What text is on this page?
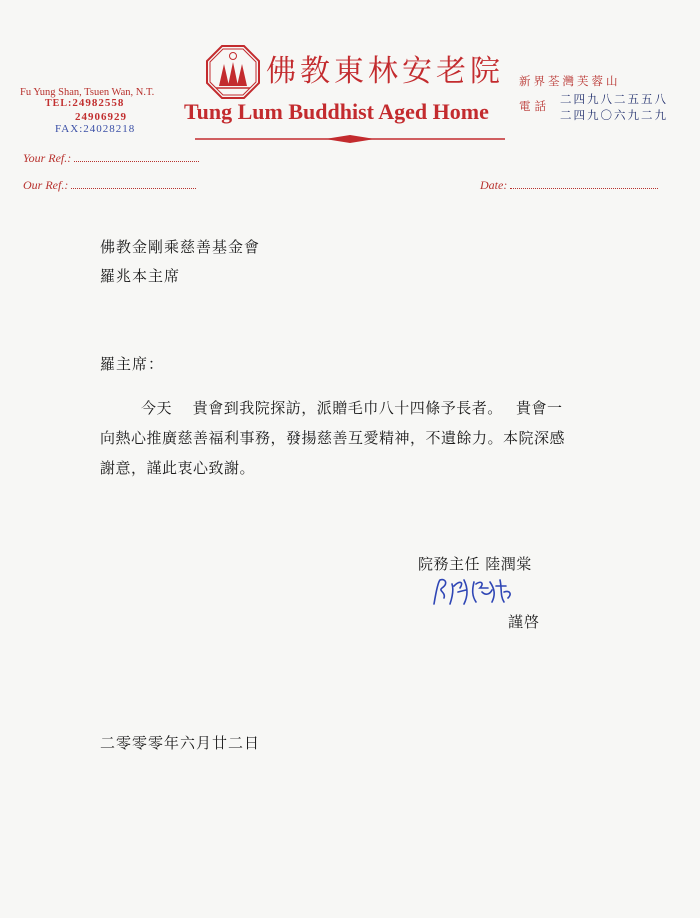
Fu Yung Shan, Tsuen Wan, N.T.
TEL:24982558
24906929
FAX:24028218
佛教東林安老院
Tung Lum Buddhist Aged Home
新界荃灣芙蓉山
電話 二四九八二五五八
二四九〇六九二九
Your Ref.:
Our Ref.:	Date:
佛教金剛乘慈善基金會
羅兆本主席
羅主席：
今天　 貴會到我院探訪，派贈毛巾八十四條予長者。　 貴會一
向熱心推廣慈善福利事務，發揚慈善互愛精神，不遺餘力。本院深感
謝意，謹此衷心致謝。
院務主任 陸潤棠
謹啓
二零零零年六月廿二日
